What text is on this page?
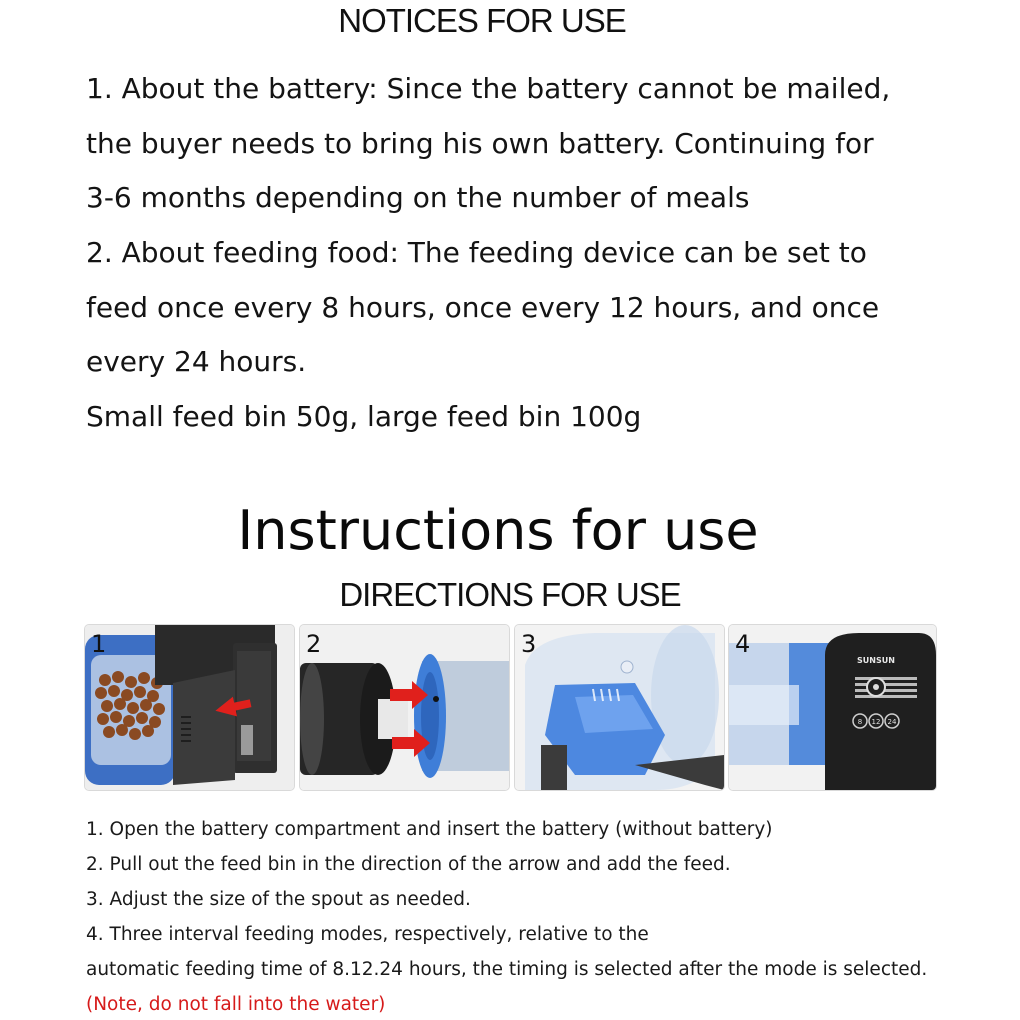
NOTICES FOR USE
1. About the battery: Since the battery cannot be mailed,
the buyer needs to bring his own battery. Continuing for
3-6 months depending on the number of meals
2. About feeding food: The feeding device can be set to
feed once every 8 hours, once every 12 hours, and once
every 24 hours.
Small feed bin 50g, large feed bin 100g
Instructions for use
DIRECTIONS FOR USE
1	2	3
8 12 24
SUNSUN
4
1. Open the battery compartment and insert the battery (without battery)
2. Pull out the feed bin in the direction of the arrow and add the feed.
3. Adjust the size of the spout as needed.
4. Three interval feeding modes, respectively, relative to the
automatic feeding time of 8.12.24 hours, the timing is selected after the mode is selected.
(Note, do not fall into the water)
